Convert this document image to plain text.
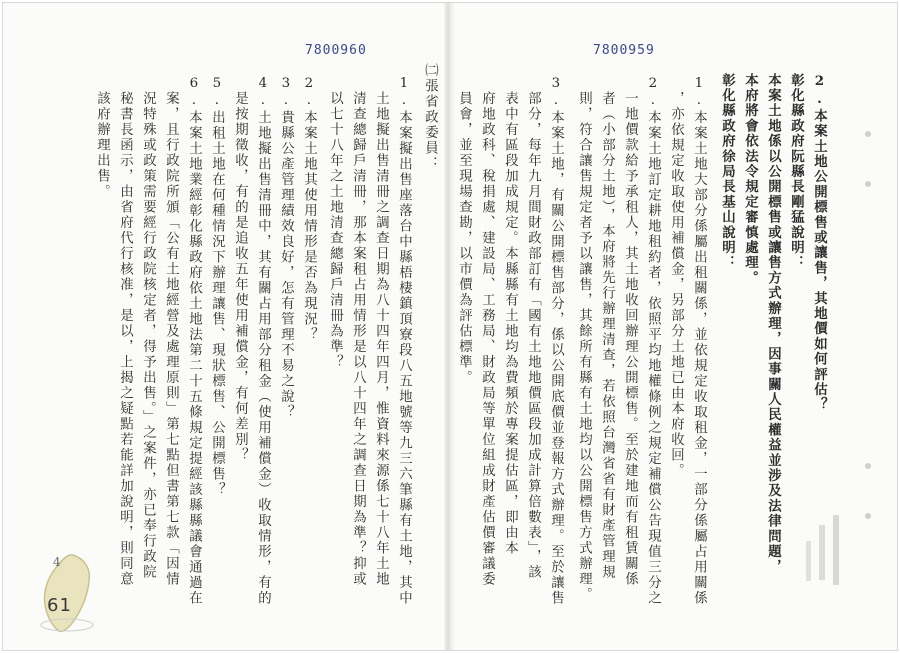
7800959
7800960
2.本案土地公開標售或讓售，其地價如何評估？
彰化縣政府阮縣長剛猛說明：
本案土地係以公開標售或讓售方式辦理，因事關人民權益並涉及法律問題，
本府將會依法令規定審慎處理。
彰化縣政府徐局長基山說明：
1.本案土地大部分係屬出租關係，並依規定收取租金，一部分係屬占用關係
，亦依規定收取使用補償金，另部分土地已由本府收回。
2.本案土地訂定耕地租約者，依照平均地權條例之規定補償公告現值三分之
一地價款給予承租人，其土地收回辦理公開標售。至於建地而有租賃關係
者（小部分土地），本府將先行辦理清查，若依照台灣省省有財產管理規
則，符合讓售規定者予以讓售，其餘所有縣有土地均以公開標售方式辦理。
3.本案土地，有關公開標售部分，係以公開底價並登報方式辦理。至於讓售
部分，每年九月間財政部訂有「國有土地地價區段加成計算倍數表」，該
表中有區段加成規定。本縣縣有土地均為費頻於專案提估區，即由本
府地政科、稅捐處、建設局、工務局、財政局等單位組成財產估價審議委
員會，並至現場查勘，以市價為評估標準。
㈡張省政委員：
1.本案擬出售座落台中縣梧棲鎮頂寮段八五地號等九三六筆縣有土地，其中
土地擬出售清冊之調查日期為八十四年四月，惟資料來源係七十八年土地
清查總歸戶清冊，那本案租占用情形是以八十四年之調查日期為準？抑或
以七十八年之土地清查總歸戶清冊為準？
2.本案土地其使用情形是否為現況？
3.貴縣公產管理績效良好，怎有管理不易之說？
4.土地擬出售清冊中，其有關占用部分租金（使用補償金）收取情形，有的
是按期徵收，有的是追收五年使用補償金，有何差別？
5.出租土地在何種情況下辦理讓售、現狀標售、公開標售？
6.本案土地業經彰化縣政府依土地法第二十五條規定提經該縣縣議會通過在
案，且行政院所頒「公有土地經營及處理原則」第七點但書第七款「因情
況特殊或政策需要經行政院核定者，得予出售。」之案件，亦已奉行政院
秘書長函示，由省府代行核准，是以，上揭之疑點若能詳加說明，則同意
該府辦理出售。
61
4
